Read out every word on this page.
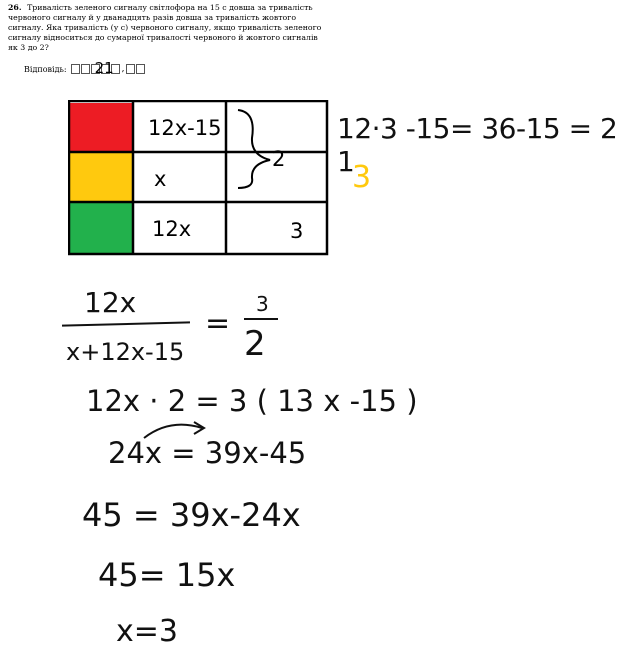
26. Тривалість зеленого сигналу світлофора на 15 с довша за тривалість червоного сигналу й у дванадцять разів довша за тривалість жовтого сигналу. Яка тривалість (у с) червоного сигналу, якщо тривалість зеленого сигналу відноситься до сумарної тривалості червоного й жовтого сигналів як 3 до 2?
Відповідь:	,
21
12x-15
x
12x
2
3
12·3 -15= 36-15 = 2 1
3
12x
x+12x-15
=
3
2
12x · 2 = 3 ( 13 x -15 )
24x = 39x-45
45 = 39x-24x
45= 15x
x=3
